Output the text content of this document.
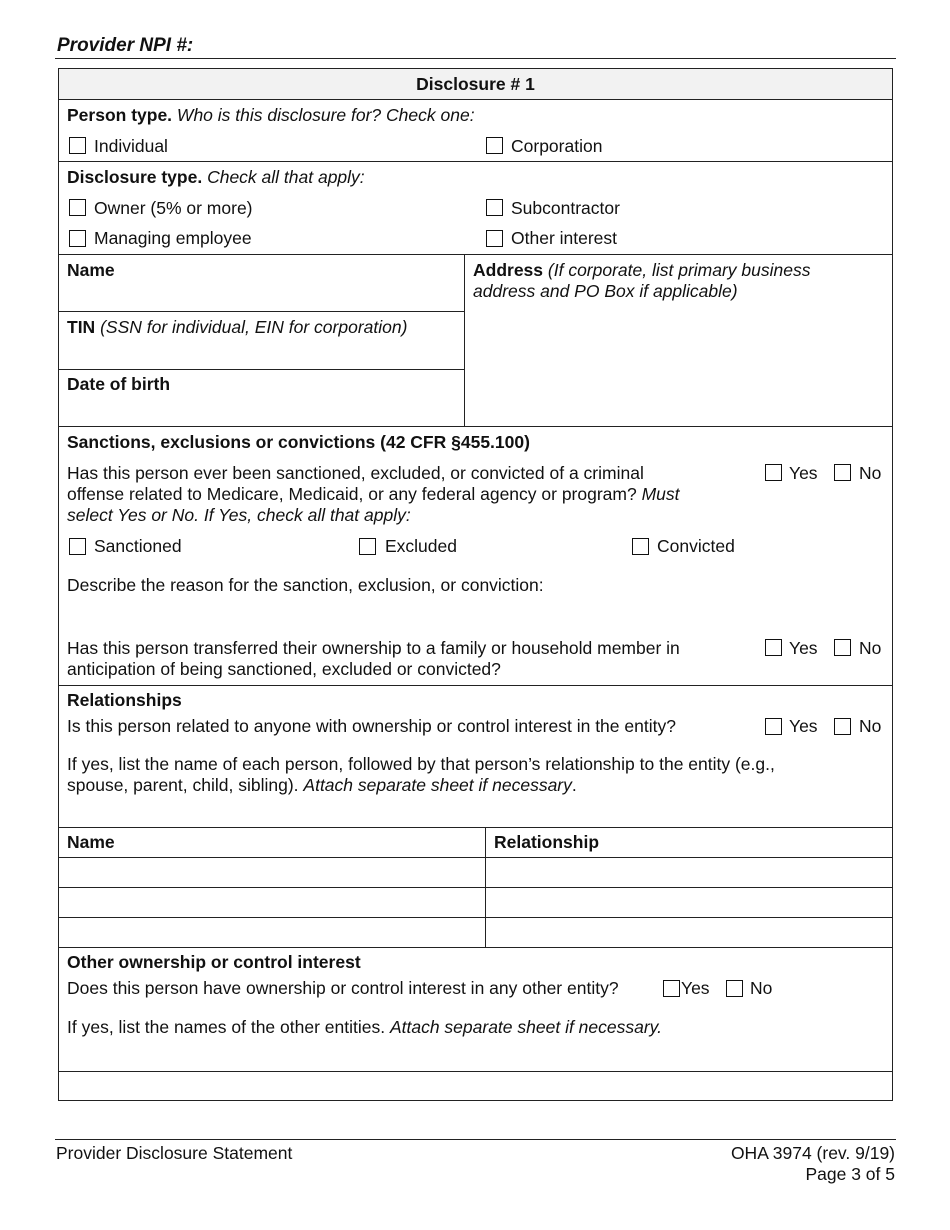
Provider NPI #:
Disclosure # 1
Person type. Who is this disclosure for? Check one:
Individual	Corporation
Disclosure type. Check all that apply:
Owner (5% or more)	Subcontractor
Managing employee	Other interest
Name	Address (If corporate, list primary business
address and PO Box if applicable)
TIN (SSN for individual, EIN for corporation)
Date of birth
Sanctions, exclusions or convictions (42 CFR §455.100)
Has this person ever been sanctioned, excluded, or convicted of a criminal
offense related to Medicare, Medicaid, or any federal agency or program? Must
select Yes or No. If Yes, check all that apply:
Yes No
Sanctioned	Excluded	Convicted
Describe the reason for the sanction, exclusion, or conviction:
Has this person transferred their ownership to a family or household member in
anticipation of being sanctioned, excluded or convicted?
Yes No
Relationships
Is this person related to anyone with ownership or control interest in the entity?	Yes No
If yes, list the name of each person, followed by that person’s relationship to the entity (e.g.,
spouse, parent, child, sibling). Attach separate sheet if necessary.
Name	Relationship
Other ownership or control interest
Does this person have ownership or control interest in any other entity?	Yes No
If yes, list the names of the other entities. Attach separate sheet if necessary.
Provider Disclosure Statement	OHA 3974 (rev. 9/19)
Page 3 of 5
